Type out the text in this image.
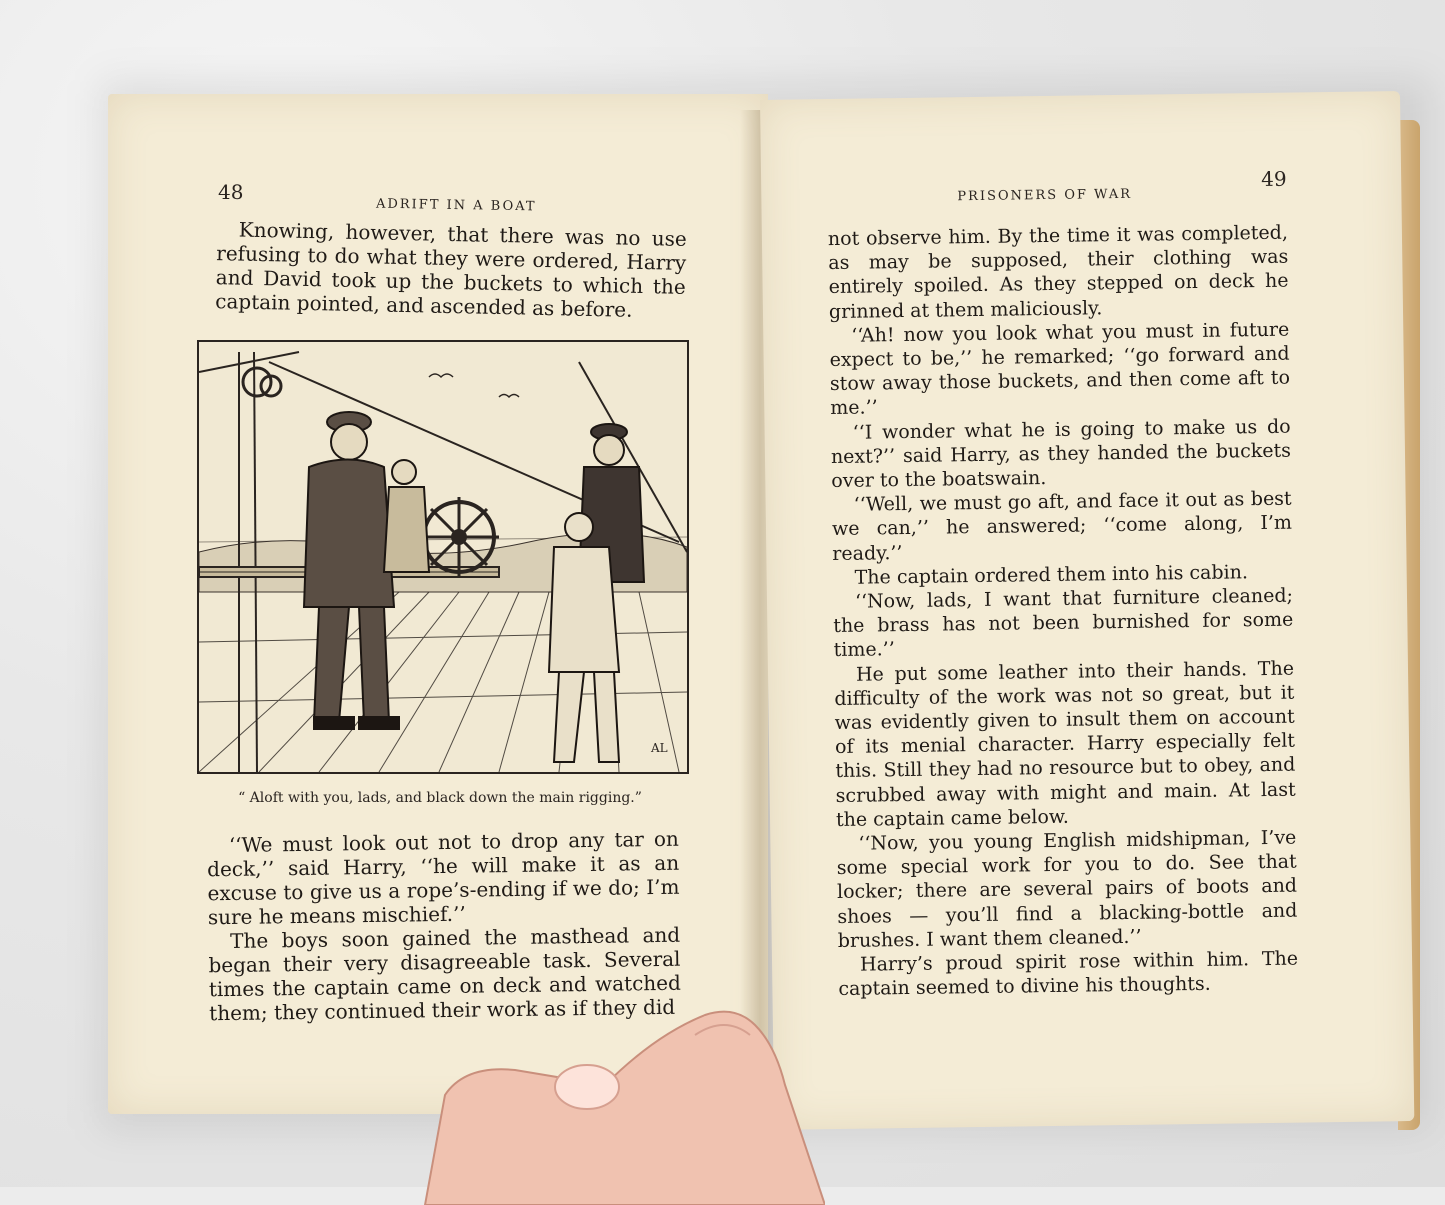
48
ADRIFT IN A BOAT

Knowing, however, that there was no use refusing to do what they were ordered, Harry and David took up the buckets to which the captain pointed, and ascended as before.

‘‘We must look out not to drop any tar on deck,’’ said Harry, ‘‘he will make it as an excuse to give us a rope’s-ending if we do; I’m sure he means mischief.’’

The boys soon gained the masthead and began their very disagreeable task. Several times the captain came on deck and watched them; they continued their work as if they did

AL
“ Aloft with you, lads, and black down the main rigging.”
49
PRISONERS OF WAR

not observe him. By the time it was completed, as may be supposed, their clothing was entirely spoiled. As they stepped on deck he grinned at them maliciously.

‘‘Ah! now you look what you must in future expect to be,’’ he remarked; ‘‘go forward and stow away those buckets, and then come aft to me.’’

‘‘I wonder what he is going to make us do next?’’ said Harry, as they handed the buckets over to the boatswain.

‘‘Well, we must go aft, and face it out as best we can,’’ he answered; ‘‘come along, I’m ready.’’

The captain ordered them into his cabin.

‘‘Now, lads, I want that furniture cleaned; the brass has not been burnished for some time.’’

He put some leather into their hands. The difficulty of the work was not so great, but it was evidently given to insult them on account of its menial character. Harry especially felt this. Still they had no resource but to obey, and scrubbed away with might and main. At last the captain came below.

‘‘Now, you young English midshipman, I’ve some special work for you to do. See that locker; there are several pairs of boots and shoes — you’ll find a blacking-bottle and brushes. I want them cleaned.’’

Harry’s proud spirit rose within him. The captain seemed to divine his thoughts.
